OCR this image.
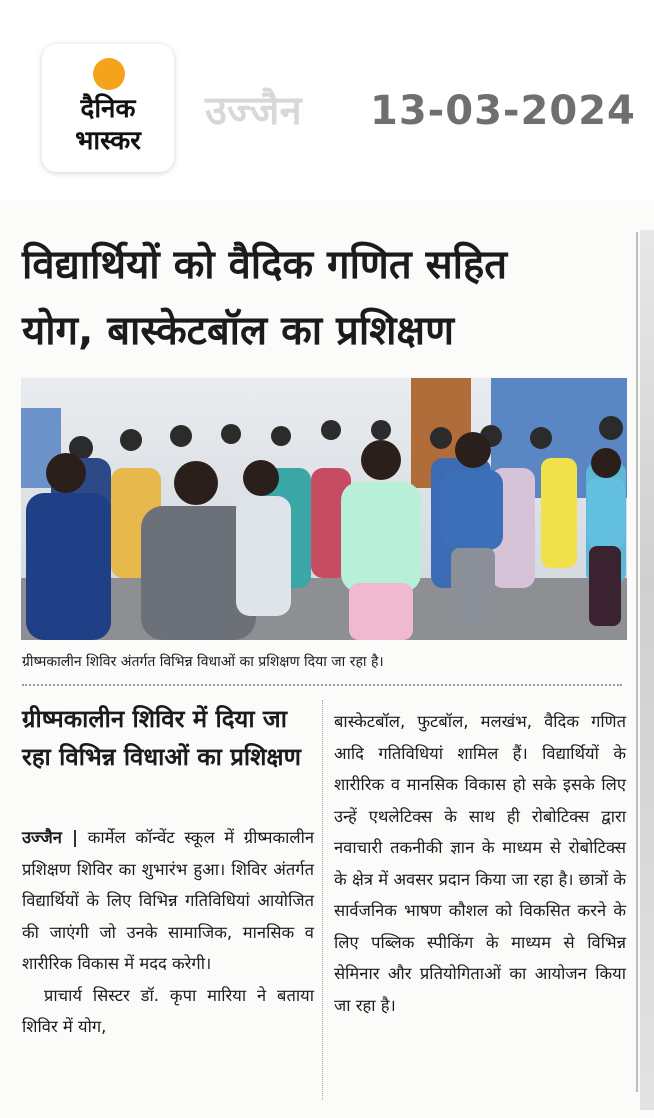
दैनिक
भास्कर
उज्जैन 13-03-2024
विद्यार्थियों को वैदिक गणित सहित
योग, बास्केटबॉल का प्रशिक्षण
ग्रीष्मकालीन शिविर अंतर्गत विभिन्न विधाओं का प्रशिक्षण दिया जा रहा है।
ग्रीष्मकालीन शिविर में दिया जा रहा विभिन्न विधाओं का प्रशिक्षण

उज्जैन | कार्मेल कॉन्वेंट स्कूल में ग्रीष्मकालीन प्रशिक्षण शिविर का शुभारंभ हुआ। शिविर अंतर्गत विद्यार्थियों के लिए विभिन्न गतिविधियां आयोजित की जाएंगी जो उनके सामाजिक, मानसिक व शारीरिक विकास में मदद करेगी।

प्राचार्य सिस्टर डॉ. कृपा मारिया ने बताया शिविर में योग,

बास्केटबॉल, फुटबॉल, मलखंभ, वैदिक गणित आदि गतिविधियां शामिल हैं। विद्यार्थियों के शारीरिक व मानसिक विकास हो सके इसके लिए उन्हें एथलेटिक्स के साथ ही रोबोटिक्स द्वारा नवाचारी तकनीकी ज्ञान के माध्यम से रोबोटिक्स के क्षेत्र में अवसर प्रदान किया जा रहा है। छात्रों के सार्वजनिक भाषण कौशल को विकसित करने के लिए पब्लिक स्पीकिंग के माध्यम से विभिन्न सेमिनार और प्रतियोगिताओं का आयोजन किया जा रहा है।
